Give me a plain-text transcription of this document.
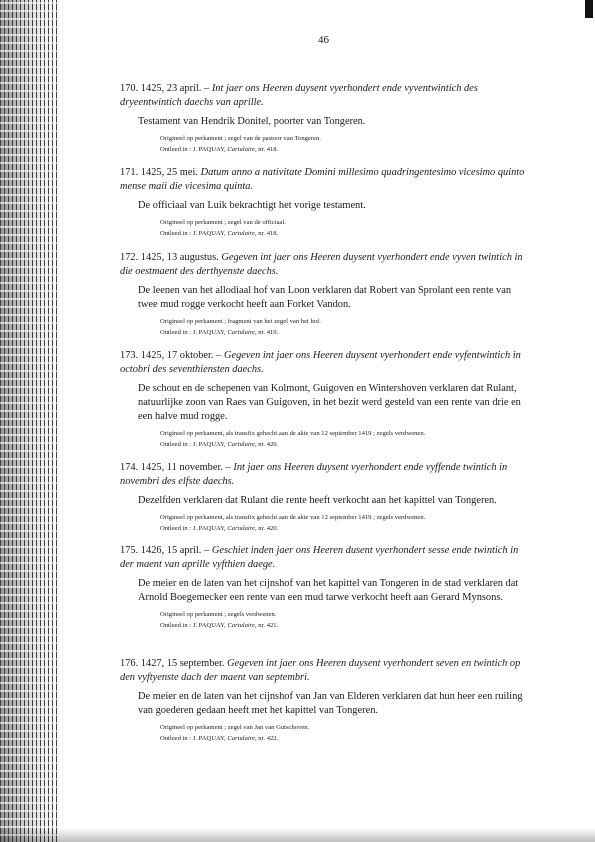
46

170. 1425, 23 april. – Int jaer ons Heeren duysent vyerhondert ende vyventwintich des dryeentwintich daechs van aprille.

Testament van Hendrik Donitel, poorter van Tongeren.

Origineel op perkament ; zegel van de pastoor van Tongeren.
Ontleed in : J. PAQUAY, Cartulaire, nr. 418.

171. 1425, 25 mei. Datum anno a nativitate Domini millesimo quadringentesimo vicesimo quinto mense maii die vicesima quinta.

De officiaal van Luik bekrachtigt het vorige testament.

Origineel op perkament ; zegel van de officiaal.
Ontleed in : J. PAQUAY, Cartulaire, nr. 418.

172. 1425, 13 augustus. Gegeven int jaer ons Heeren duysent vyerhondert ende vyven twintich in die oestmaent des derthyenste daechs.

De leenen van het allodiaal hof van Loon verklaren dat Robert van Sprolant een rente van twee mud rogge verkocht heeft aan Forket Vandon.

Origineel op perkament ; fragment van het zegel van het hof.
Ontleed in : J. PAQUAY, Cartulaire, nr. 419.

173. 1425, 17 oktober. – Gegeven int jaer ons Heeren duysent vyerhondert ende vyfentwintich in octobri des seventhiensten daechs.

De schout en de schepenen van Kolmont, Guigoven en Wintershoven verklaren dat Rulant, natuurlijke zoon van Raes van Guigoven, in het bezit werd gesteld van een rente van drie en een halve mud rogge.

Origineel op perkament, als transfix gehecht aan de akte van 12 september 1419 ; zegels verdwenen.
Ontleed in : J. PAQUAY, Cartulaire, nr. 420.

174. 1425, 11 november. – Int jaer ons Heeren duysent vyerhondert ende vyffende twintich in novembri des elfste daechs.

Dezelfden verklaren dat Rulant die rente heeft verkocht aan het kapittel van Tongeren.

Origineel op perkament, als transfix gehecht aan de akte van 12 september 1419 ; zegels verdwenen.
Ontleed in : J. PAQUAY, Cartulaire, nr. 420.

175. 1426, 15 april. – Geschiet inden jaer ons Heeren dusent vyerhondert sesse ende twintich in der maent van aprille vyfthien daege.

De meier en de laten van het cijnshof van het kapittel van Tongeren in de stad verklaren dat Arnold Boegemecker een rente van een mud tarwe verkocht heeft aan Gerard Mynsons.

Origineel op perkament ; zegels verdwenen.
Ontleed in : J. PAQUAY, Cartulaire, nr. 421.

176. 1427, 15 september. Gegeven int jaer ons Heeren duysent vyerhondert seven en twintich op den vyftyenste dach der maent van septembri.

De meier en de laten van het cijnshof van Jan van Elderen verklaren dat hun heer een ruiling van goederen gedaan heeft met het kapittel van Tongeren.

Origineel op perkament ; zegel van Jan van Gutschoven.
Ontleed in : J. PAQUAY, Cartulaire, nr. 422.
